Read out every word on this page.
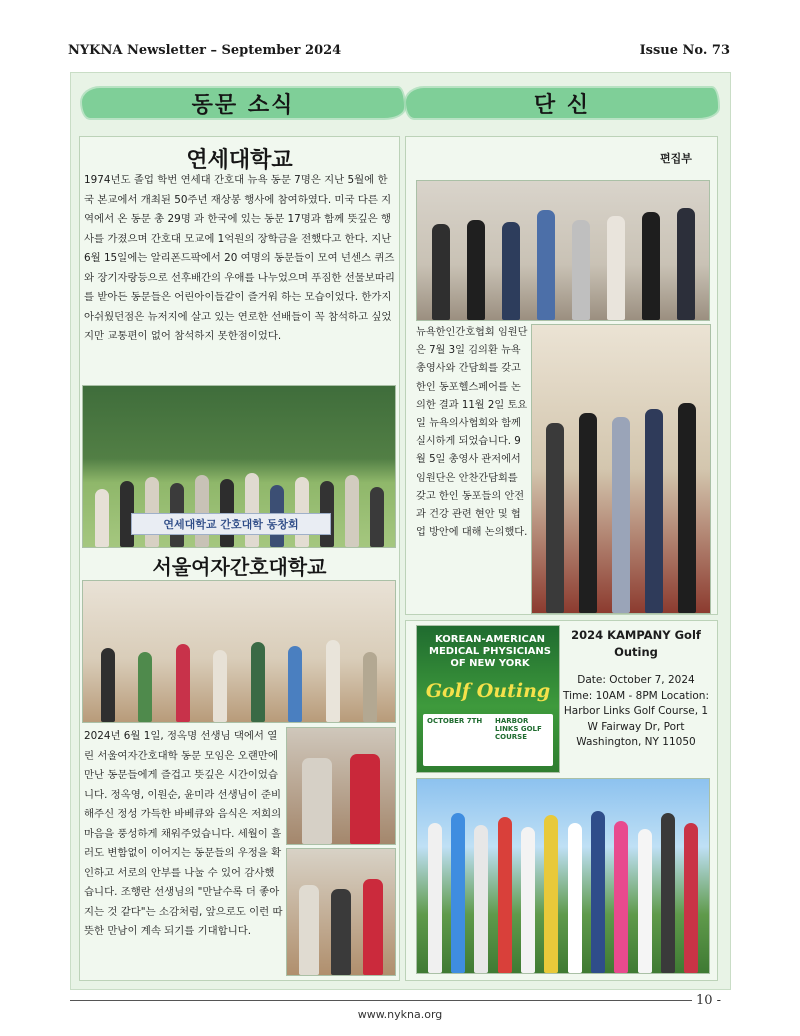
NYKNA Newsletter – September 2024	Issue No. 73
동문 소식	단 신
연세대학교

1974년도 졸업 학번 연세대 간호대 뉴욕 동문 7명은 지난 5월에 한국 본교에서 개최된 50주년 재상봉 행사에 참여하였다. 미국 다른 지역에서 온 동문 총 29명 과 한국에 있는 동문 17명과 함께 뜻깊은 행사를 가졌으며 간호대 모교에 1억원의 장학금을 전했다고 한다. 지난 6월 15일에는 알리폰드팍에서 20 여명의 동문들이 모여 넌센스 퀴즈와 장기자랑등으로 선후배간의 우애를 나누었으며 푸짐한 선물보따리를 받아든 동문들은 어린아이들같이 즐거워 하는 모습이었다. 한가지 아쉬웠던점은 뉴저지에 살고 있는 연로한 선배들이 꼭 참석하고 싶었지만 교통편이 없어 참석하지 못한점이었다.

연세대학교 간호대학 동창회
서울여자간호대학교

2024년 6월 1일, 정옥명 선생님 댁에서 열린 서울여자간호대학 동문 모임은 오랜만에 만난 동문들에게 즐겁고 뜻깊은 시간이었습니다. 정옥영, 이원순, 윤미라 선생님이 준비해주신 정성 가득한 바베큐와 음식은 저희의 마음을 풍성하게 채워주었습니다. 세월이 흘러도 변함없이 이어지는 동문들의 우정을 확인하고 서로의 안부를 나눌 수 있어 감사했습니다. 조행란 선생님의 "만날수록 더 좋아지는 것 같다"는 소감처럼, 앞으로도 이런 따뜻한 만남이 계속 되기를 기대합니다.

편집부

뉴욕한인간호협회 임원단은 7월 3일 김의환 뉴욕총영사와 간담회를 갖고 한인 동포헬스페어를 논의한 결과 11월 2일 토요일 뉴욕의사협회와 함께 실시하게 되었습니다. 9월 5일 총영사 관저에서 임원단은 안찬간담회를 갖고 한인 동포들의 안전과 건강 관련 현안 및 협업 방안에 대해 논의했다.

KOREAN-AMERICAN MEDICAL PHYSICIANS OF NEW YORK
Golf Outing
OCTOBER 7TH HARBOR LINKS GOLF COURSE
2024 KAMPANY Golf Outing
Date: October 7, 2024 Time: 10AM - 8PM Location: Harbor Links Golf Course, 1 W Fairway Dr, Port Washington, NY 11050
10 -
www.nykna.org
